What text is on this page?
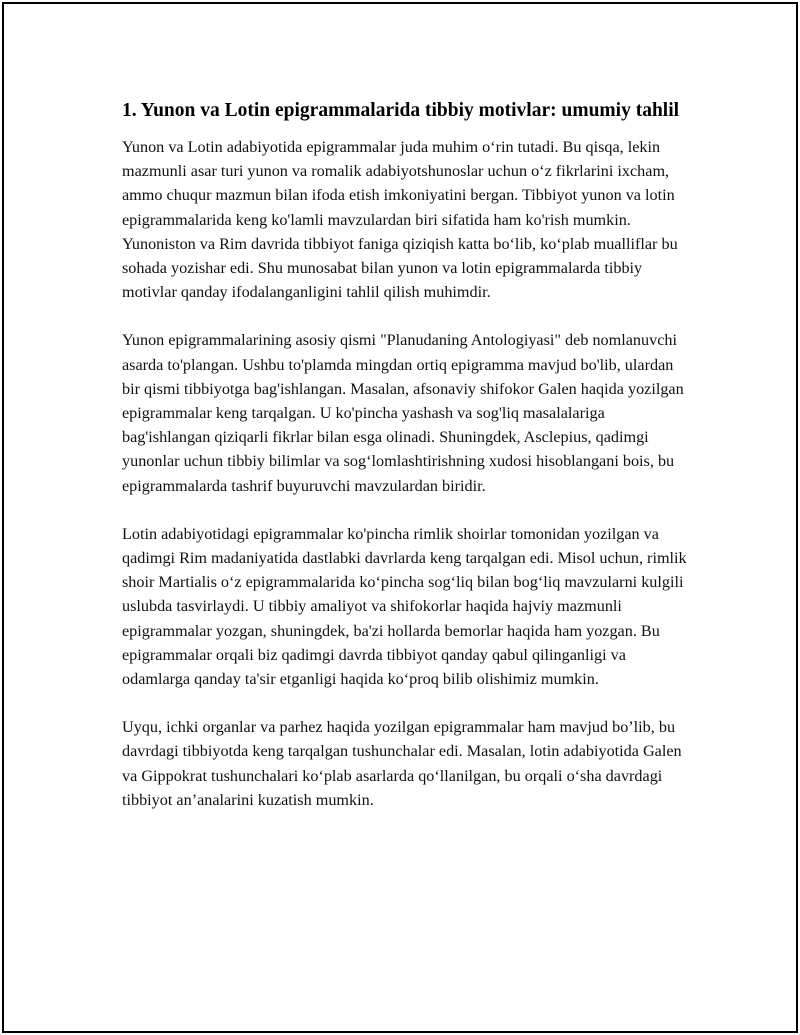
1. Yunon va Lotin epigrammalarida tibbiy motivlar: umumiy tahlil

Yunon va Lotin adabiyotida epigrammalar juda muhim o‘rin tutadi. Bu qisqa, lekin mazmunli asar turi yunon va romalik adabiyotshunoslar uchun o‘z fikrlarini ixcham, ammo chuqur mazmun bilan ifoda etish imkoniyatini bergan. Tibbiyot yunon va lotin epigrammalarida keng ko'lamli mavzulardan biri sifatida ham ko'rish mumkin. Yunoniston va Rim davrida tibbiyot faniga qiziqish katta bo‘lib, ko‘plab mualliflar bu sohada yozishar edi. Shu munosabat bilan yunon va lotin epigrammalarda tibbiy motivlar qanday ifodalanganligini tahlil qilish muhimdir.

Yunon epigrammalarining asosiy qismi "Planudaning Antologiyasi" deb nomlanuvchi asarda to'plangan. Ushbu to'plamda mingdan ortiq epigramma mavjud bo'lib, ulardan bir qismi tibbiyotga bag'ishlangan. Masalan, afsonaviy shifokor Galen haqida yozilgan epigrammalar keng tarqalgan. U ko'pincha yashash va sog'liq masalalariga bag'ishlangan qiziqarli fikrlar bilan esga olinadi. Shuningdek, Asclepius, qadimgi yunonlar uchun tibbiy bilimlar va sog‘lomlashtirishning xudosi hisoblangani bois, bu epigrammalarda tashrif buyuruvchi mavzulardan biridir.

Lotin adabiyotidagi epigrammalar ko'pincha rimlik shoirlar tomonidan yozilgan va qadimgi Rim madaniyatida dastlabki davrlarda keng tarqalgan edi. Misol uchun, rimlik shoir Martialis o‘z epigrammalarida ko‘pincha sog‘liq bilan bog‘liq mavzularni kulgili uslubda tasvirlaydi. U tibbiy amaliyot va shifokorlar haqida hajviy mazmunli epigrammalar yozgan, shuningdek, ba'zi hollarda bemorlar haqida ham yozgan. Bu epigrammalar orqali biz qadimgi davrda tibbiyot qanday qabul qilinganligi va odamlarga qanday ta'sir etganligi haqida ko‘proq bilib olishimiz mumkin.

Uyqu, ichki organlar va parhez haqida yozilgan epigrammalar ham mavjud bo’lib, bu davrdagi tibbiyotda keng tarqalgan tushunchalar edi. Masalan, lotin adabiyotida Galen va Gippokrat tushunchalari ko‘plab asarlarda qo‘llanilgan, bu orqali o‘sha davrdagi tibbiyot an’analarini kuzatish mumkin.
